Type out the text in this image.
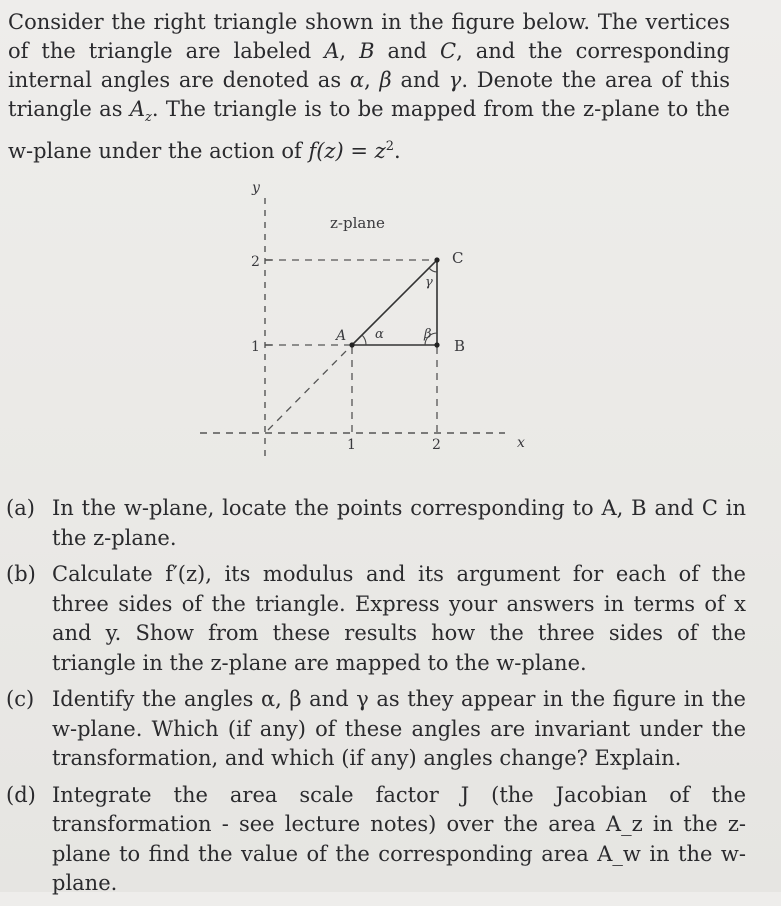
Consider the right triangle shown in the figure below. The vertices of the triangle are labeled A, B and C, and the corresponding internal angles are denoted as α, β and γ. Denote the area of this triangle as $A_z$. The triangle is to be mapped from the z-plane to the w-plane under the action of $f(z) = z^2$.

y
x
z-plane
2
1
1	2
A
B
C
α	β
γ
(a) In the w-plane, locate the points corresponding to A, B and C in the z-plane.
(b) Calculate f′(z), its modulus and its argument for each of the three sides of the triangle. Express your answers in terms of x and y. Show from these results how the three sides of the triangle in the z-plane are mapped to the w-plane.
(c) Identify the angles α, β and γ as they appear in the figure in the w-plane. Which (if any) of these angles are invariant under the transformation, and which (if any) angles change? Explain.
(d) Integrate the area scale factor J (the Jacobian of the transformation - see lecture notes) over the area A_z in the z-plane to find the value of the corresponding area A_w in the w-plane.
